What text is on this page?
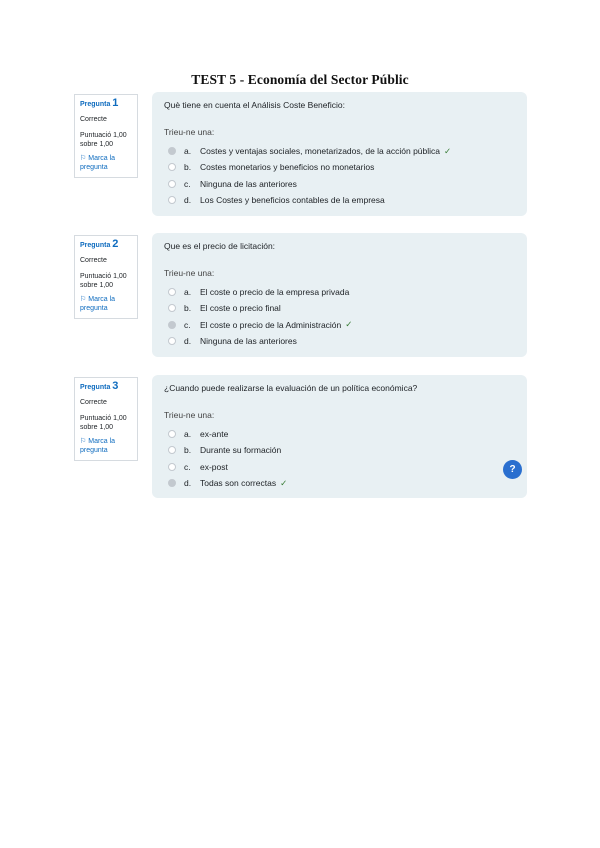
TEST 5 - Economía del Sector Públic
Pregunta 1
Correcte
Puntuació 1,00 sobre 1,00
⚐ Marca la pregunta
Què tiene en cuenta el Análisis Coste Beneficio:
Trieu-ne una:
a.	Costes y ventajas sociales, monetarizados, de la acción pública ✓
b.	Costes monetarios y beneficios no monetarios
c.	Ninguna de las anteriores
d.	Los Costes y beneficios contables de la empresa
Pregunta 2
Correcte
Puntuació 1,00 sobre 1,00
⚐ Marca la pregunta
Que es el precio de licitación:
Trieu-ne una:
a.	El coste o precio de la empresa privada
b.	El coste o precio final
c.	El coste o precio de la Administración ✓
d.	Ninguna de las anteriores
Pregunta 3
Correcte
Puntuació 1,00 sobre 1,00
⚐ Marca la pregunta
¿Cuando puede realizarse la evaluación de un política económica?
Trieu-ne una:
a.	ex-ante
b.	Durante su formación
c.	ex-post
d.	Todas son correctas ✓
?
